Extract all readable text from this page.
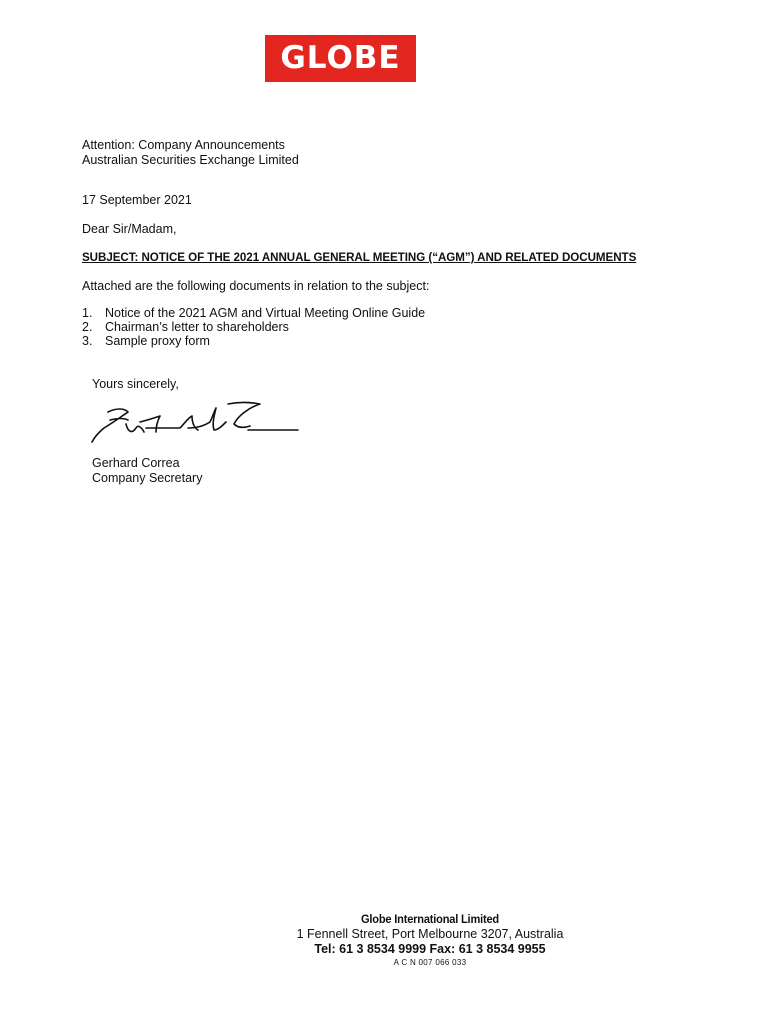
GLOBE
Attention: Company Announcements
Australian Securities Exchange Limited
17 September 2021
Dear Sir/Madam,
SUBJECT: NOTICE OF THE 2021 ANNUAL GENERAL MEETING (“AGM”) AND RELATED DOCUMENTS
Attached are the following documents in relation to the subject:
1.	Notice of the 2021 AGM and Virtual Meeting Online Guide
2.	Chairman’s letter to shareholders
3.	Sample proxy form
Yours sincerely,
Gerhard Correa
Company Secretary
Globe International Limited
1 Fennell Street, Port Melbourne 3207, Australia
Tel: 61 3 8534 9999 Fax: 61 3 8534 9955
A C N 007 066 033
